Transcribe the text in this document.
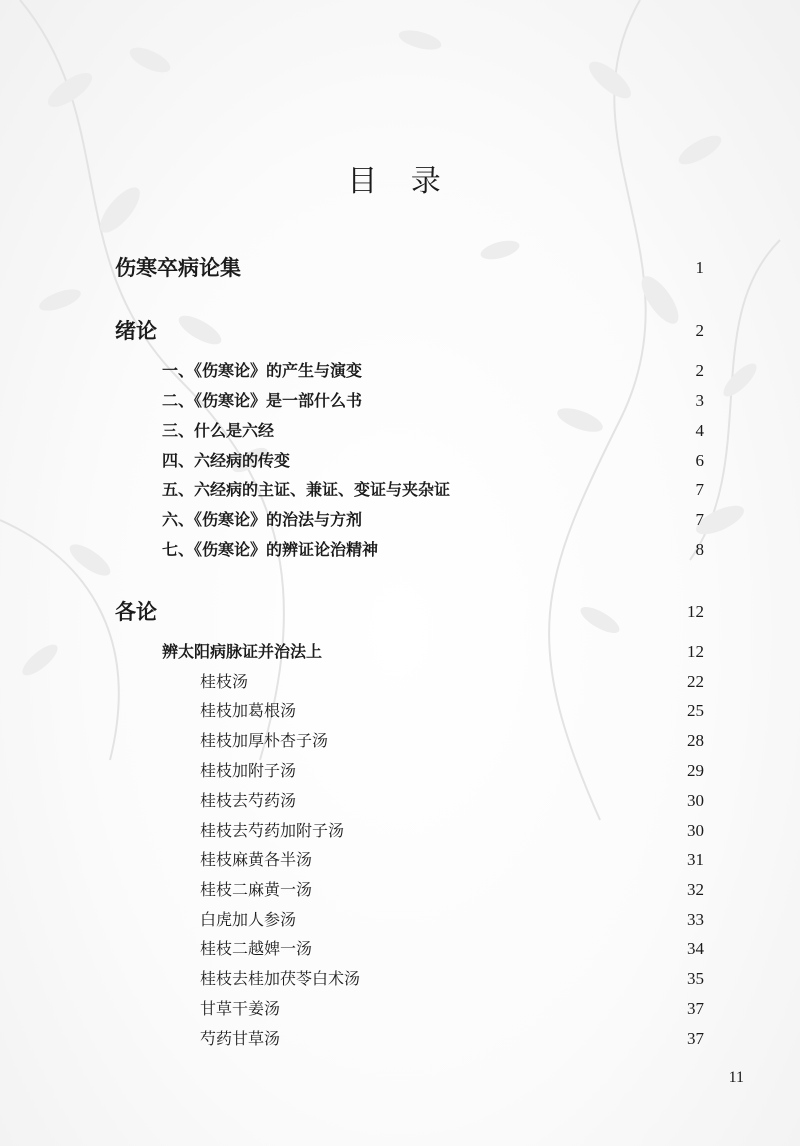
目 录
伤寒卒病论集	1
绪论	2
一、《伤寒论》的产生与演变	2
二、《伤寒论》是一部什么书	3
三、什么是六经	4
四、六经病的传变	6
五、六经病的主证、兼证、变证与夹杂证	7
六、《伤寒论》的治法与方剂	7
七、《伤寒论》的辨证论治精神	8
各论	12
辨太阳病脉证并治法上	12
桂枝汤	22
桂枝加葛根汤	25
桂枝加厚朴杏子汤	28
桂枝加附子汤	29
桂枝去芍药汤	30
桂枝去芍药加附子汤	30
桂枝麻黄各半汤	31
桂枝二麻黄一汤	32
白虎加人参汤	33
桂枝二越婢一汤	34
桂枝去桂加茯苓白术汤	35
甘草干姜汤	37
芍药甘草汤	37
11
